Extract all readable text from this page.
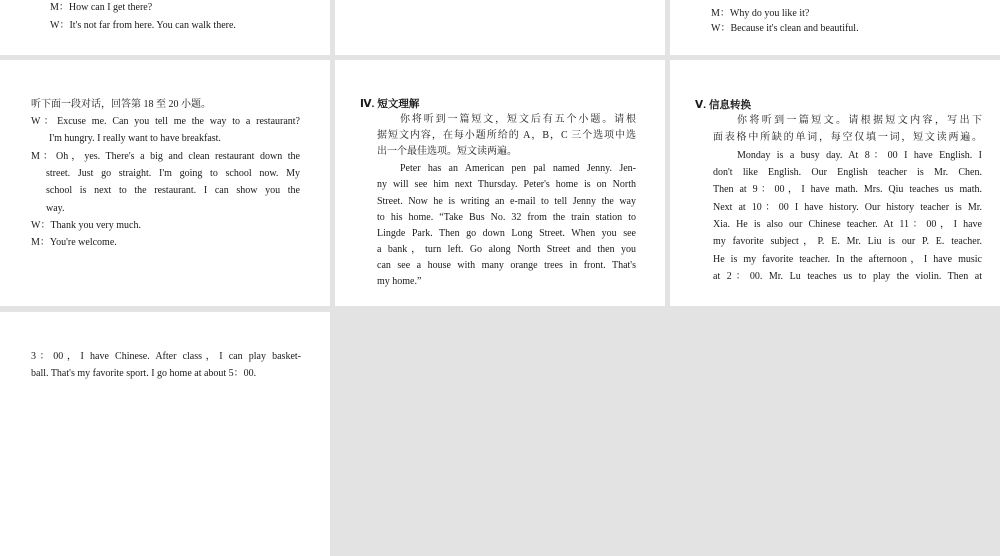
M：How can I get there?
W：It's not far from here. You can walk there.
M：Why do you like it?
W：Because it's clean and beautiful.
听下面一段对话，回答第 18 至 20 小题。
W：Excuse me. Can you tell me the way to a restaurant?
I'm hungry. I really want to have breakfast.
M：Oh，yes. There's a big and clean restaurant down the
street. Just go straight. I'm going to school now. My
school is next to the restaurant. I can show you the
way.
W：Thank you very much.
M：You're welcome.
Ⅳ. 短文理解
你将听到一篇短文，短文后有五个小题。请根
据短文内容，在每小题所给的 A，B，C 三个选项中选
出一个最佳选项。短文读两遍。
Peter has an American pen pal named Jenny. Jen-
ny will see him next Thursday. Peter's home is on North
Street. Now he is writing an e-mail to tell Jenny the way
to his home. “Take Bus No. 32 from the train station to
Lingde Park. Then go down Long Street. When you see
a bank，turn left. Go along North Street and then you
can see a house with many orange trees in front. That's
my home.”
Ⅴ. 信息转换
你将听到一篇短文。请根据短文内容，写出下
面表格中所缺的单词，每空仅填一词，短文读两遍。
Monday is a busy day. At 8：00 I have English. I
don't like English. Our English teacher is Mr. Chen.
Then at 9：00，I have math. Mrs. Qiu teaches us math.
Next at 10：00 I have history. Our history teacher is Mr.
Xia. He is also our Chinese teacher. At 11：00，I have
my favorite subject，P. E. Mr. Liu is our P. E. teacher.
He is my favorite teacher. In the afternoon，I have music
at 2：00. Mr. Lu teaches us to play the violin. Then at
3：00，I have Chinese. After class，I can play basket-
ball. That's my favorite sport. I go home at about 5：00.
